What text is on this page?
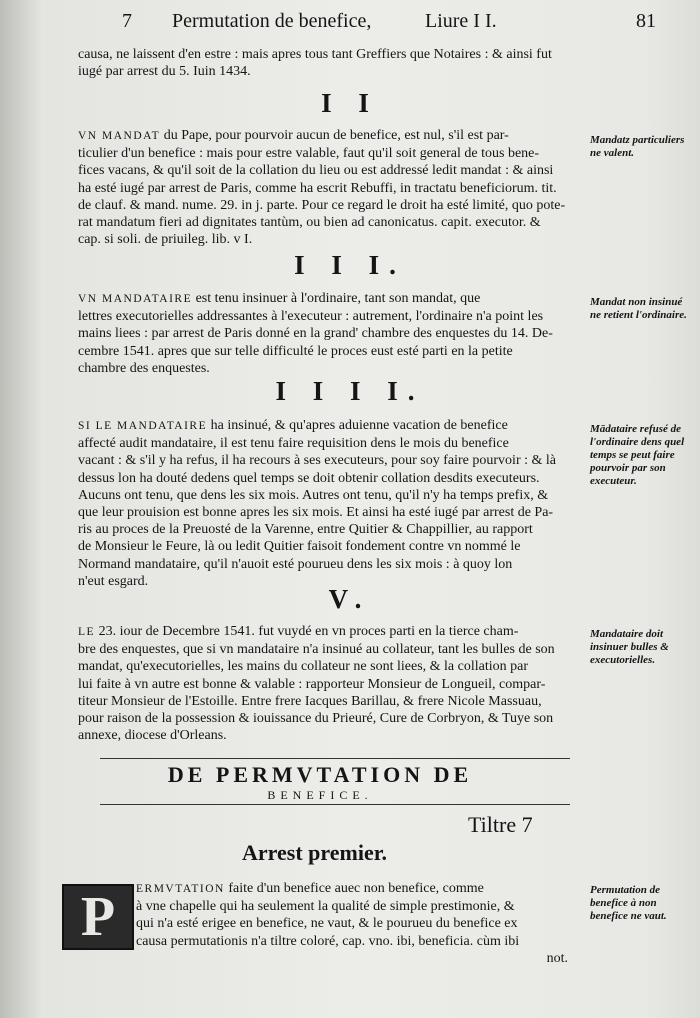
7 Permutation de benefice,	Liure I I.	81

causa, ne laissent d'en estre : mais apres tous tant Greffiers que Notaires : & ainsi fut

iugé par arrest du 5. Iuin 1434.

I I

VN MANDAT du Pape, pour pourvoir aucun de benefice, est nul, s'il est par-

ticulier d'un benefice : mais pour estre valable, faut qu'il soit general de tous bene-

fices vacans, & qu'il soit de la collation du lieu ou est addressé ledit mandat : & ainsi

ha esté iugé par arrest de Paris, comme ha escrit Rebuffi, in tractatu beneficiorum. tit.

de clauf. & mand. nume. 29. in j. parte. Pour ce regard le droit ha esté limité, quo pote-

rat mandatum fieri ad dignitates tantùm, ou bien ad canonicatus. capit. executor. &

cap. si soli. de priuileg. lib. v I.

Mandatz particuliers ne valent.
I I I.

VN MANDATAIRE est tenu insinuer à l'ordinaire, tant son mandat, que

lettres executorielles addressantes à l'executeur : autrement, l'ordinaire n'a point les

mains liees : par arrest de Paris donné en la grand' chambre des enquestes du 14. De-

cembre 1541. apres que sur telle difficulté le proces eust esté parti en la petite

chambre des enquestes.

Mandat non insinué ne retient l'ordinaire.
I I I I.

SI LE MANDATAIRE ha insinué, & qu'apres aduienne vacation de benefice

affecté audit mandataire, il est tenu faire requisition dens le mois du benefice

vacant : & s'il y ha refus, il ha recours à ses executeurs, pour soy faire pourvoir : & là

dessus lon ha douté dedens quel temps se doit obtenir collation desdits executeurs.

Aucuns ont tenu, que dens les six mois. Autres ont tenu, qu'il n'y ha temps prefix, &

que leur prouision est bonne apres les six mois. Et ainsi ha esté iugé par arrest de Pa-

ris au proces de la Preuosté de la Varenne, entre Quitier & Chappillier, au rapport

de Monsieur le Feure, là ou ledit Quitier faisoit fondement contre vn nommé le

Normand mandataire, qu'il n'auoit esté pourueu dens les six mois : à quoy lon

n'eut esgard.

Mādataire refusé de l'ordinaire dens quel temps se peut faire pourvoir par son executeur.
V.

LE 23. iour de Decembre 1541. fut vuydé en vn proces parti en la tierce cham-

bre des enquestes, que si vn mandataire n'a insinué au collateur, tant les bulles de son

mandat, qu'executorielles, les mains du collateur ne sont liees, & la collation par

lui faite à vn autre est bonne & valable : rapporteur Monsieur de Longueil, compar-

titeur Monsieur de l'Estoille. Entre frere Iacques Barillau, & frere Nicole Massuau,

pour raison de la possession & iouissance du Prieuré, Cure de Corbryon, & Tuye son

annexe, diocese d'Orleans.

Mandataire doit insinuer bulles & executorielles.
DE PERMVTATION DE
BENEFICE.
Tiltre 7
Arrest premier.
P	ERMVTATION faite d'un benefice auec non benefice, comme

à vne chapelle qui ha seulement la qualité de simple prestimonie, &

qui n'a esté erigee en benefice, ne vaut, & le pourueu du benefice ex

causa permutationis n'a tiltre coloré, cap. vno. ibi, beneficia. cùm ibi

not.

Permutation de benefice à non benefice ne vaut.
